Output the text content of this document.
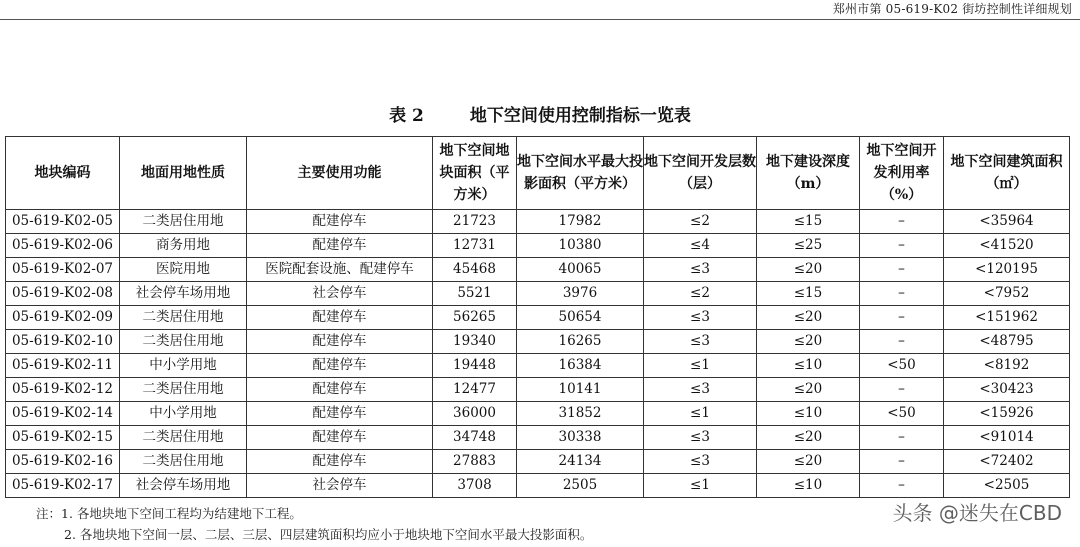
郑州市第 05-619-K02 街坊控制性详细规划
表 2	地下空间使用控制指标一览表
地块编码	地面用地性质	主要使用功能	地下空间地块面积（平方米）	地下空间水平最大投影面积（平方米）	地下空间开发层数（层）	地下建设深度（m）	地下空间开发利用率（%）	地下空间建筑面积（㎡）
05-619-K02-05	二类居住用地	配建停车	21723	17982	≤2	≤15	–	<35964
05-619-K02-06	商务用地	配建停车	12731	10380	≤4	≤25	–	<41520
05-619-K02-07	医院用地	医院配套设施、配建停车	45468	40065	≤3	≤20	–	<120195
05-619-K02-08	社会停车场用地	社会停车	5521	3976	≤2	≤15	–	<7952
05-619-K02-09	二类居住用地	配建停车	56265	50654	≤3	≤20	–	<151962
05-619-K02-10	二类居住用地	配建停车	19340	16265	≤3	≤20	–	<48795
05-619-K02-11	中小学用地	配建停车	19448	16384	≤1	≤10	<50	<8192
05-619-K02-12	二类居住用地	配建停车	12477	10141	≤3	≤20	–	<30423
05-619-K02-14	中小学用地	配建停车	36000	31852	≤1	≤10	<50	<15926
05-619-K02-15	二类居住用地	配建停车	34748	30338	≤3	≤20	–	<91014
05-619-K02-16	二类居住用地	配建停车	27883	24134	≤3	≤20	–	<72402
05-619-K02-17	社会停车场用地	社会停车	3708	2505	≤1	≤10	–	<2505
注：1. 各地块地下空间工程均为结建地下工程。
2. 各地块地下空间一层、二层、三层、四层建筑面积均应小于地块地下空间水平最大投影面积。
头条 @迷失在CBD
